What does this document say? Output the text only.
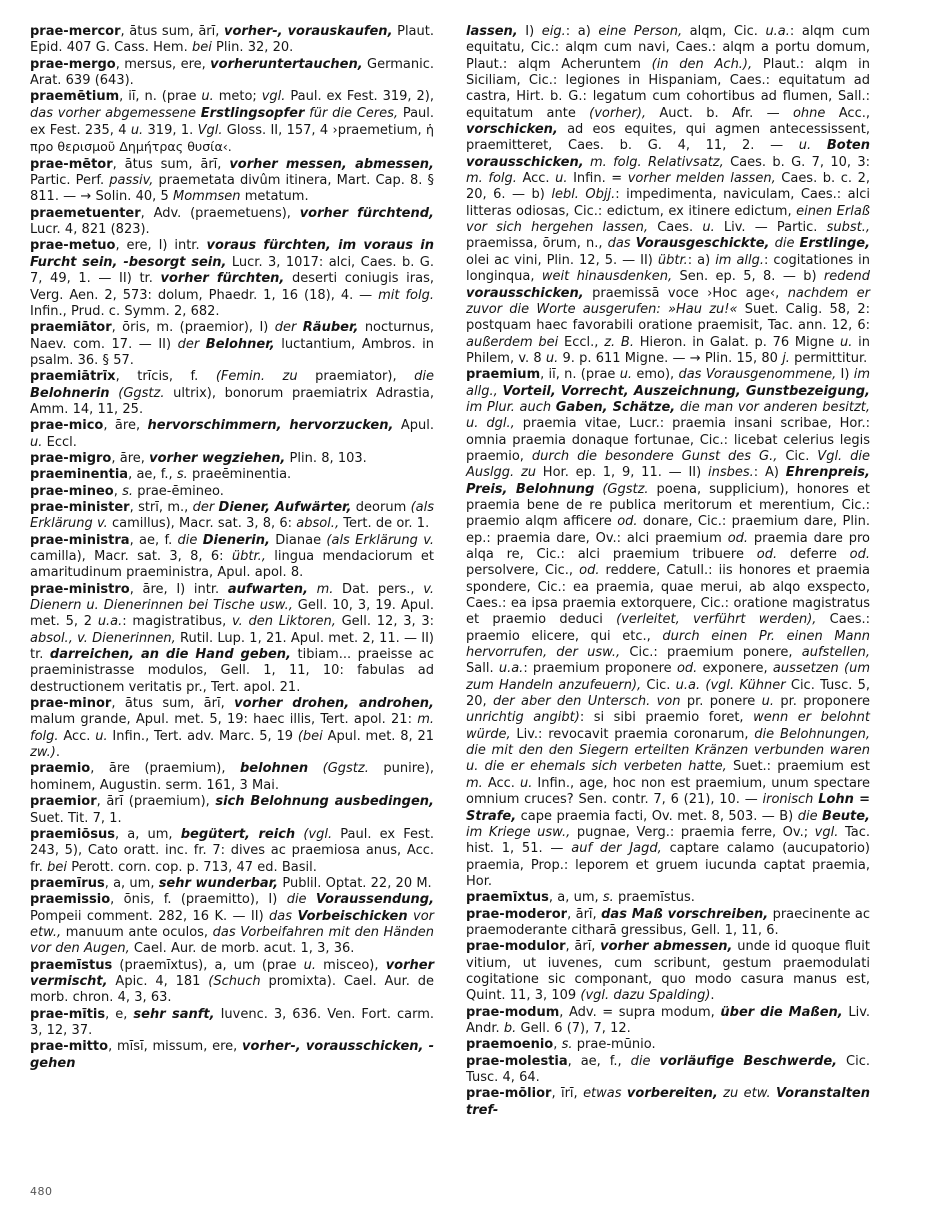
prae-mercor, ātus sum, ārī, vorher-, vorauskaufen, Plaut. Epid. 407 G. Cass. Hem. bei Plin. 32, 20.

prae-mergo, mersus, ere, vorheruntertauchen, Germanic. Arat. 639 (643).

praemētium, iī, n. (prae u. meto; vgl. Paul. ex Fest. 319, 2), das vorher abgemessene Erstlingsopfer für die Ceres, Paul. ex Fest. 235, 4 u. 319, 1. Vgl. Gloss. II, 157, 4 ›praemetium, ἡ προ θερισμοῦ Δημήτρας θυσία‹.

prae-mētor, ātus sum, ārī, vorher messen, abmessen, Partic. Perf. passiv, praemetata divûm itinera, Mart. Cap. 8. § 811. — → Solin. 40, 5 Mommsen metatum.

praemetuenter, Adv. (praemetuens), vorher fürchtend, Lucr. 4, 821 (823).

prae-metuo, ere, I) intr. voraus fürchten, im voraus in Furcht sein, -besorgt sein, Lucr. 3, 1017: alci, Caes. b. G. 7, 49, 1. — II) tr. vorher fürchten, deserti coniugis iras, Verg. Aen. 2, 573: dolum, Phaedr. 1, 16 (18), 4. — mit folg. Infin., Prud. c. Symm. 2, 682.

praemiātor, ōris, m. (praemior), I) der Räuber, nocturnus, Naev. com. 17. — II) der Belohner, luctantium, Ambros. in psalm. 36. § 57.

praemiātrīx, trīcis, f. (Femin. zu praemiator), die Belohnerin (Ggstz. ultrix), bonorum praemiatrix Adrastia, Amm. 14, 11, 25.

prae-mico, āre, hervorschimmern, hervorzucken, Apul. u. Eccl.

prae-migro, āre, vorher wegziehen, Plin. 8, 103.

praeminentia, ae, f., s. praeēminentia.

prae-mineo, s. prae-ēmineo.

prae-minister, strī, m., der Diener, Aufwärter, deorum (als Erklärung v. camillus), Macr. sat. 3, 8, 6: absol., Tert. de or. 1.

prae-ministra, ae, f. die Dienerin, Dianae (als Erklärung v. camilla), Macr. sat. 3, 8, 6: übtr., lingua mendaciorum et amaritudinum praeministra, Apul. apol. 8.

prae-ministro, āre, I) intr. aufwarten, m. Dat. pers., v. Dienern u. Dienerinnen bei Tische usw., Gell. 10, 3, 19. Apul. met. 5, 2 u.a.: magistratibus, v. den Liktoren, Gell. 12, 3, 3: absol., v. Dienerinnen, Rutil. Lup. 1, 21. Apul. met. 2, 11. — II) tr. darreichen, an die Hand geben, tibiam... praeisse ac praeministrasse modulos, Gell. 1, 11, 10: fabulas ad destructionem veritatis pr., Tert. apol. 21.

prae-minor, ātus sum, ārī, vorher drohen, androhen, malum grande, Apul. met. 5, 19: haec illis, Tert. apol. 21: m. folg. Acc. u. Infin., Tert. adv. Marc. 5, 19 (bei Apul. met. 8, 21 zw.).

praemio, āre (praemium), belohnen (Ggstz. punire), hominem, Augustin. serm. 161, 3 Mai.

praemior, ārī (praemium), sich Belohnung ausbedingen, Suet. Tit. 7, 1.

praemiōsus, a, um, begütert, reich (vgl. Paul. ex Fest. 243, 5), Cato oratt. inc. fr. 7: dives ac praemiosa anus, Acc. fr. bei Perott. corn. cop. p. 713, 47 ed. Basil.

praemīrus, a, um, sehr wunderbar, Publil. Optat. 22, 20 M.

praemissio, ōnis, f. (praemitto), I) die Voraussendung, Pompeii comment. 282, 16 K. — II) das Vorbeischicken vor etw., manuum ante oculos, das Vorbeifahren mit den Händen vor den Augen, Cael. Aur. de morb. acut. 1, 3, 36.

praemīstus (praemīxtus), a, um (prae u. misceo), vorher vermischt, Apic. 4, 181 (Schuch promixta). Cael. Aur. de morb. chron. 4, 3, 63.

prae-mītis, e, sehr sanft, Iuvenc. 3, 636. Ven. Fort. carm. 3, 12, 37.

prae-mitto, mīsī, missum, ere, vorher-, vorausschicken, -gehen

lassen, I) eig.: a) eine Person, alqm, Cic. u.a.: alqm cum equitatu, Cic.: alqm cum navi, Caes.: alqm a portu domum, Plaut.: alqm Acheruntem (in den Ach.), Plaut.: alqm in Siciliam, Cic.: legiones in Hispaniam, Caes.: equitatum ad castra, Hirt. b. G.: legatum cum cohortibus ad flumen, Sall.: equitatum ante (vorher), Auct. b. Afr. — ohne Acc., vorschicken, ad eos equites, qui agmen antecessissent, praemitteret, Caes. b. G. 4, 11, 2. — u. Boten vorausschicken, m. folg. Relativsatz, Caes. b. G. 7, 10, 3: m. folg. Acc. u. Infin. = vorher melden lassen, Caes. b. c. 2, 20, 6. — b) lebl. Objj.: impedimenta, naviculam, Caes.: alci litteras odiosas, Cic.: edictum, ex itinere edictum, einen Erlaß vor sich hergehen lassen, Caes. u. Liv. — Partic. subst., praemissa, ōrum, n., das Vorausgeschickte, die Erstlinge, olei ac vini, Plin. 12, 5. — II) übtr.: a) im allg.: cogitationes in longinqua, weit hinausdenken, Sen. ep. 5, 8. — b) redend vorausschicken, praemissā voce ›Hoc age‹, nachdem er zuvor die Worte ausgerufen: »Hau zu!« Suet. Calig. 58, 2: postquam haec favorabili oratione praemisit, Tac. ann. 12, 6: außerdem bei Eccl., z. B. Hieron. in Galat. p. 76 Migne u. in Philem, v. 8 u. 9. p. 611 Migne. — → Plin. 15, 80 j. permittitur.

praemium, iī, n. (prae u. emo), das Vorausgenommene, I) im allg., Vorteil, Vorrecht, Auszeichnung, Gunstbezeigung, im Plur. auch Gaben, Schätze, die man vor anderen besitzt, u. dgl., praemia vitae, Lucr.: praemia insani scribae, Hor.: omnia praemia donaque fortunae, Cic.: licebat celerius legis praemio, durch die besondere Gunst des G., Cic. Vgl. die Auslgg. zu Hor. ep. 1, 9, 11. — II) insbes.: A) Ehrenpreis, Preis, Belohnung (Ggstz. poena, supplicium), honores et praemia bene de re publica meritorum et merentium, Cic.: praemio alqm afficere od. donare, Cic.: praemium dare, Plin. ep.: praemia dare, Ov.: alci praemium od. praemia dare pro alqa re, Cic.: alci praemium tribuere od. deferre od. persolvere, Cic., od. reddere, Catull.: iis honores et praemia spondere, Cic.: ea praemia, quae merui, ab alqo exspecto, Caes.: ea ipsa praemia extorquere, Cic.: oratione magistratus et praemio deduci (verleitet, verführt werden), Caes.: praemio elicere, qui etc., durch einen Pr. einen Mann hervorrufen, der usw., Cic.: praemium ponere, aufstellen, Sall. u.a.: praemium proponere od. exponere, aussetzen (um zum Handeln anzufeuern), Cic. u.a. (vgl. Kühner Cic. Tusc. 5, 20, der aber den Untersch. von pr. ponere u. pr. proponere unrichtig angibt): si sibi praemio foret, wenn er belohnt würde, Liv.: revocavit praemia coronarum, die Belohnungen, die mit den den Siegern erteilten Kränzen verbunden waren u. die er ehemals sich verbeten hatte, Suet.: praemium est m. Acc. u. Infin., age, hoc non est praemium, unum spectare omnium cruces? Sen. contr. 7, 6 (21), 10. — ironisch Lohn = Strafe, cape praemia facti, Ov. met. 8, 503. — B) die Beute, im Kriege usw., pugnae, Verg.: praemia ferre, Ov.; vgl. Tac. hist. 1, 51. — auf der Jagd, captare calamo (aucupatorio) praemia, Prop.: leporem et gruem iucunda captat praemia, Hor.

praemīxtus, a, um, s. praemīstus.

prae-moderor, ārī, das Maß vorschreiben, praecinente ac praemoderante citharā gressibus, Gell. 1, 11, 6.

prae-modulor, ārī, vorher abmessen, unde id quoque fluit vitium, ut iuvenes, cum scribunt, gestum praemodulati cogitatione sic componant, quo modo casura manus est, Quint. 11, 3, 109 (vgl. dazu Spalding).

prae-modum, Adv. = supra modum, über die Maßen, Liv. Andr. b. Gell. 6 (7), 7, 12.

praemoenio, s. prae-mūnio.

prae-molestia, ae, f., die vorläufige Beschwerde, Cic. Tusc. 4, 64.

prae-mōlior, īrī, etwas vorbereiten, zu etw. Voranstalten tref-

480
